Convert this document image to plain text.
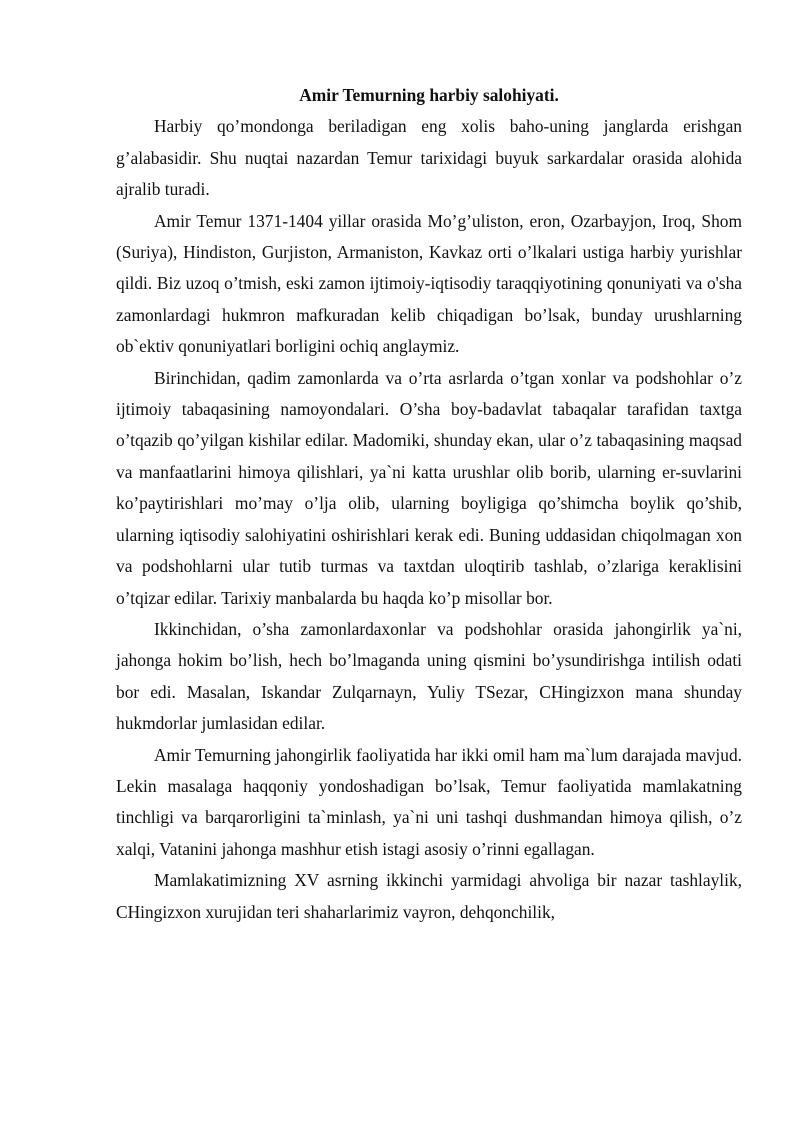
Amir Temurning harbiy salohiyati.

Harbiy qo’mondonga beriladigan eng xolis baho-uning janglarda erishgan g’alabasidir. Shu nuqtai nazardan Temur tarixidagi buyuk sarkardalar orasida alohida ajralib turadi.

Amir Temur 1371-1404 yillar orasida Mo’g’uliston, eron, Ozarbayjon, Iroq, Shom (Suriya), Hindiston, Gurjiston, Armaniston, Kavkaz orti o’lkalari ustiga harbiy yurishlar qildi. Biz uzoq o’tmish, eski zamon ijtimoiy-iqtisodiy taraqqiyotining qonuniyati va o'sha zamonlardagi hukmron mafkuradan kelib chiqadigan bo’lsak, bunday urushlarning ob`ektiv qonuniyatlari borligini ochiq anglaymiz.

Birinchidan, qadim zamonlarda va o’rta asrlarda o’tgan xonlar va podshohlar o’z ijtimoiy tabaqasining namoyondalari. O’sha boy-badavlat tabaqalar tarafidan taxtga o’tqazib qo’yilgan kishilar edilar. Madomiki, shunday ekan, ular o’z tabaqasining maqsad va manfaatlarini himoya qilishlari, ya`ni katta urushlar olib borib, ularning er-suvlarini ko’paytirishlari mo’may o’lja olib, ularning boyligiga qo’shimcha boylik qo’shib, ularning iqtisodiy salohiyatini oshirishlari kerak edi. Buning uddasidan chiqolmagan xon va podshohlarni ular tutib turmas va taxtdan uloqtirib tashlab, o’zlariga keraklisini o’tqizar edilar. Tarixiy manbalarda bu haqda ko’p misollar bor.

Ikkinchidan, o’sha zamonlardaxonlar va podshohlar orasida jahongirlik ya`ni, jahonga hokim bo’lish, hech bo’lmaganda uning qismini bo’ysundirishga intilish odati bor edi. Masalan, Iskandar Zulqarnayn, Yuliy TSezar, CHingizxon mana shunday hukmdorlar jumlasidan edilar.

Amir Temurning jahongirlik faoliyatida har ikki omil ham ma`lum darajada mavjud. Lekin masalaga haqqoniy yondoshadigan bo’lsak, Temur faoliyatida mamlakatning tinchligi va barqarorligini ta`minlash, ya`ni uni tashqi dushmandan himoya qilish, o’z xalqi, Vatanini jahonga mashhur etish istagi asosiy o’rinni egallagan.

Mamlakatimizning XV asrning ikkinchi yarmidagi ahvoliga bir nazar tashlaylik, CHingizxon xurujidan teri shaharlarimiz vayron, dehqonchilik,
